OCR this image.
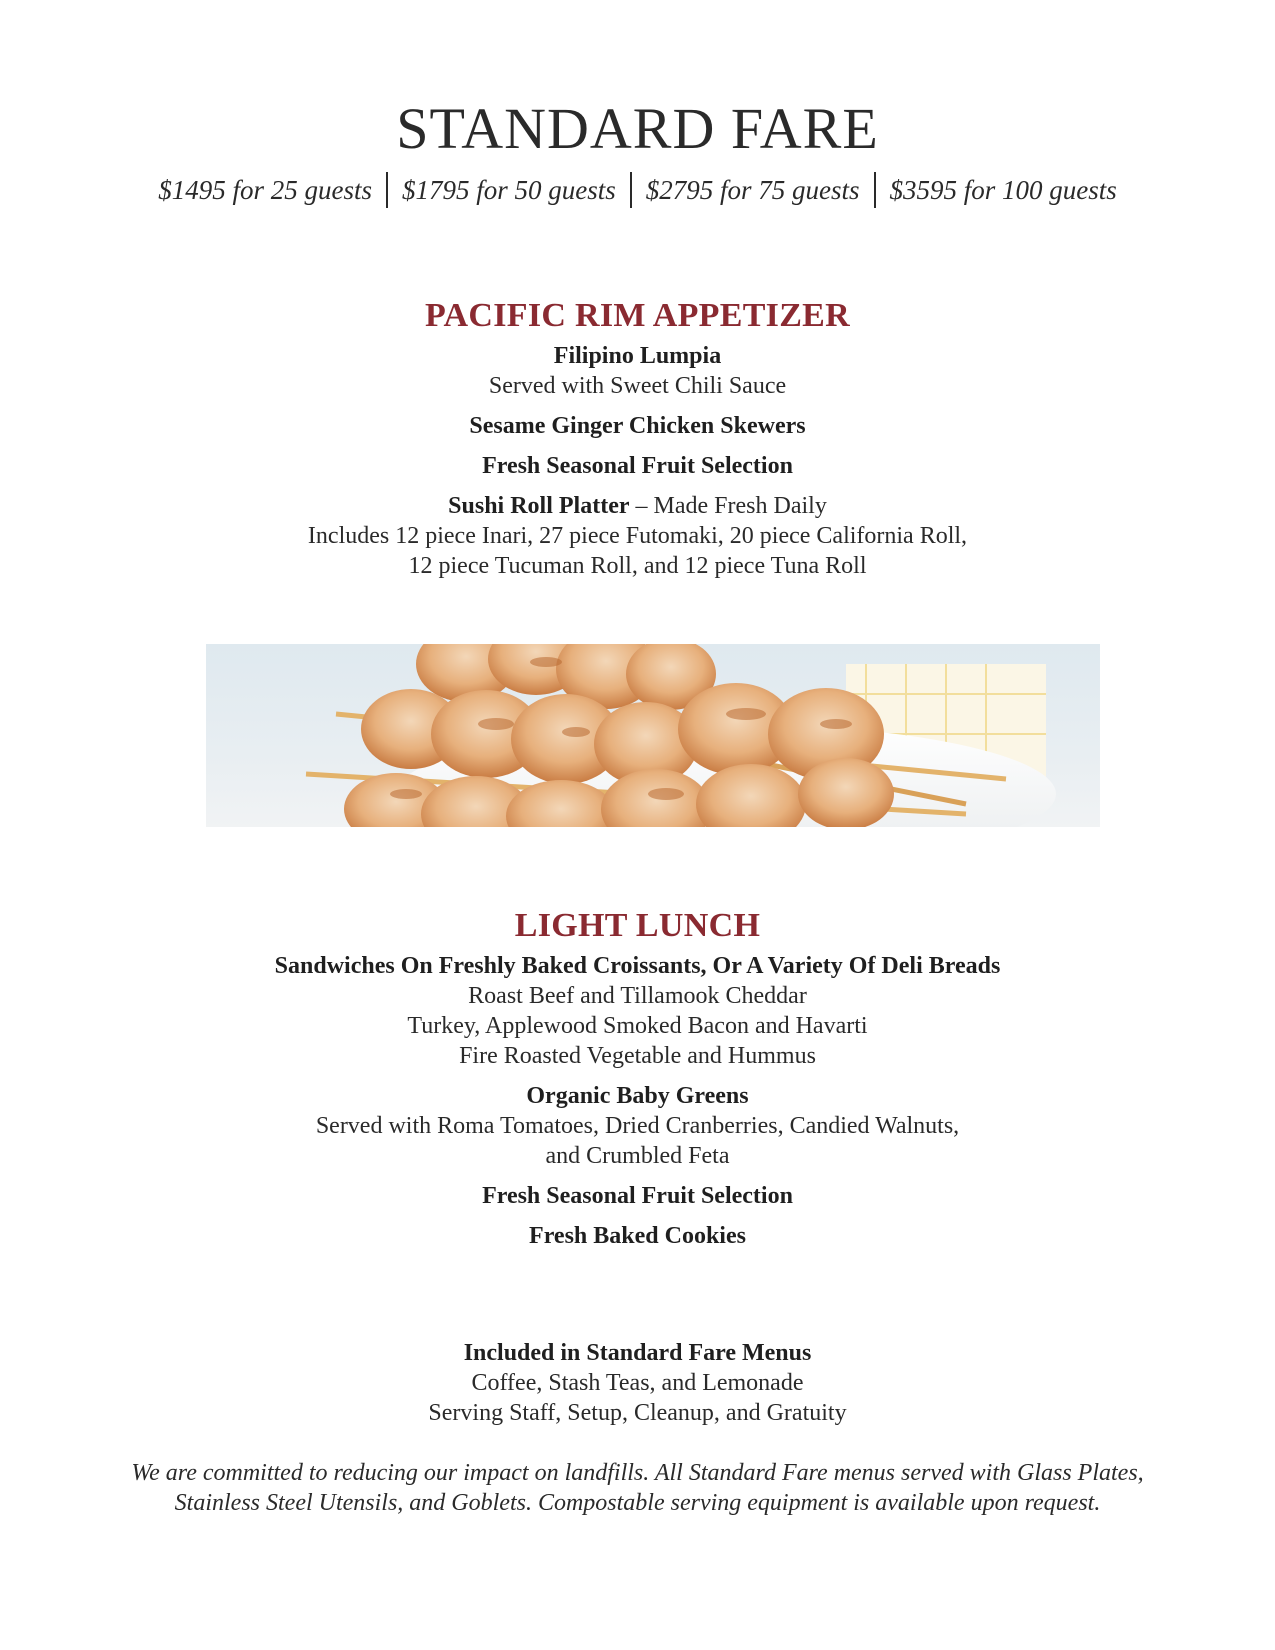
STANDARD FARE
$1495 for 25 guests	$1795 for 50 guests	$2795 for 75 guests	$3595 for 100 guests
PACIFIC RIM APPETIZER
Filipino Lumpia
Served with Sweet Chili Sauce
Sesame Ginger Chicken Skewers
Fresh Seasonal Fruit Selection
Sushi Roll Platter – Made Fresh Daily
Includes 12 piece Inari, 27 piece Futomaki, 20 piece California Roll,
12 piece Tucuman Roll, and 12 piece Tuna Roll
LIGHT LUNCH
Sandwiches On Freshly Baked Croissants, Or A Variety Of Deli Breads
Roast Beef and Tillamook Cheddar
Turkey, Applewood Smoked Bacon and Havarti
Fire Roasted Vegetable and Hummus
Organic Baby Greens
Served with Roma Tomatoes, Dried Cranberries, Candied Walnuts,
and Crumbled Feta
Fresh Seasonal Fruit Selection
Fresh Baked Cookies
Included in Standard Fare Menus
Coffee, Stash Teas, and Lemonade
Serving Staff, Setup, Cleanup, and Gratuity
We are committed to reducing our impact on landfills. All Standard Fare menus served with Glass Plates,
Stainless Steel Utensils, and Goblets. Compostable serving equipment is available upon request.
